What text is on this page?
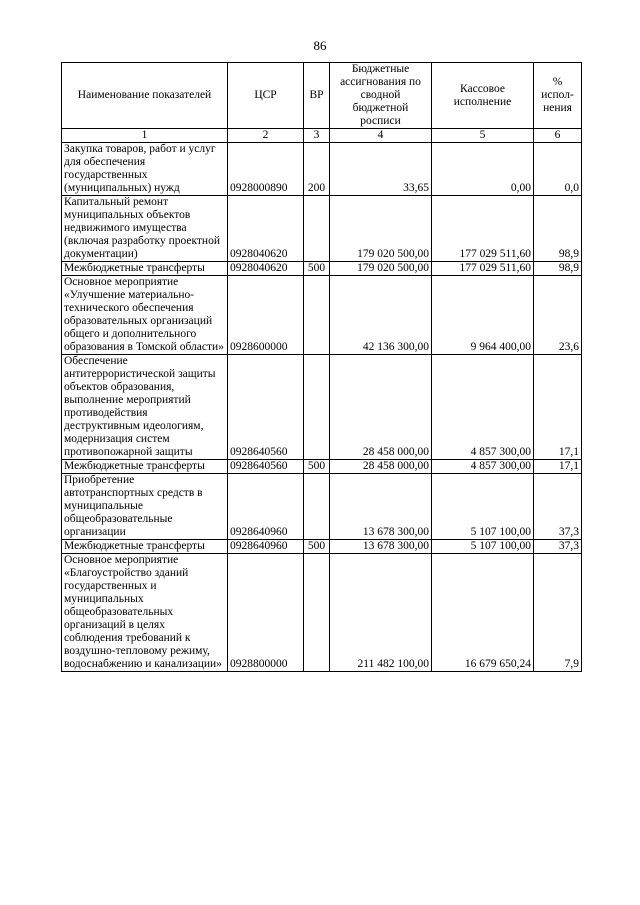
86
Наименование показателей	ЦСР	ВР	Бюджетные ассигнования по сводной бюджетной росписи	Кассовое исполнение	% испол-нения
1	2	3	4	5	6
Закупка товаров, работ и услуг для обеспечения государственных (муниципальных) нужд	0928000890	200	33,65	0,00	0,0
Капитальный ремонт муниципальных объектов недвижимого имущества (включая разработку проектной документации)	0928040620		179 020 500,00	177 029 511,60	98,9
Межбюджетные трансферты	0928040620	500	179 020 500,00	177 029 511,60	98,9
Основное мероприятие «Улучшение материально-технического обеспечения образовательных организаций общего и дополнительного образования в Томской области»	0928600000		42 136 300,00	9 964 400,00	23,6
Обеспечение антитеррористической защиты объектов образования, выполнение мероприятий противодействия деструктивным идеологиям, модернизация систем противопожарной защиты	0928640560		28 458 000,00	4 857 300,00	17,1
Межбюджетные трансферты	0928640560	500	28 458 000,00	4 857 300,00	17,1
Приобретение автотранспортных средств в муниципальные общеобразовательные организации	0928640960		13 678 300,00	5 107 100,00	37,3
Межбюджетные трансферты	0928640960	500	13 678 300,00	5 107 100,00	37,3
Основное мероприятие «Благоустройство зданий государственных и муниципальных общеобразовательных организаций в целях соблюдения требований к воздушно-тепловому режиму, водоснабжению и канализации»	0928800000		211 482 100,00	16 679 650,24	7,9
